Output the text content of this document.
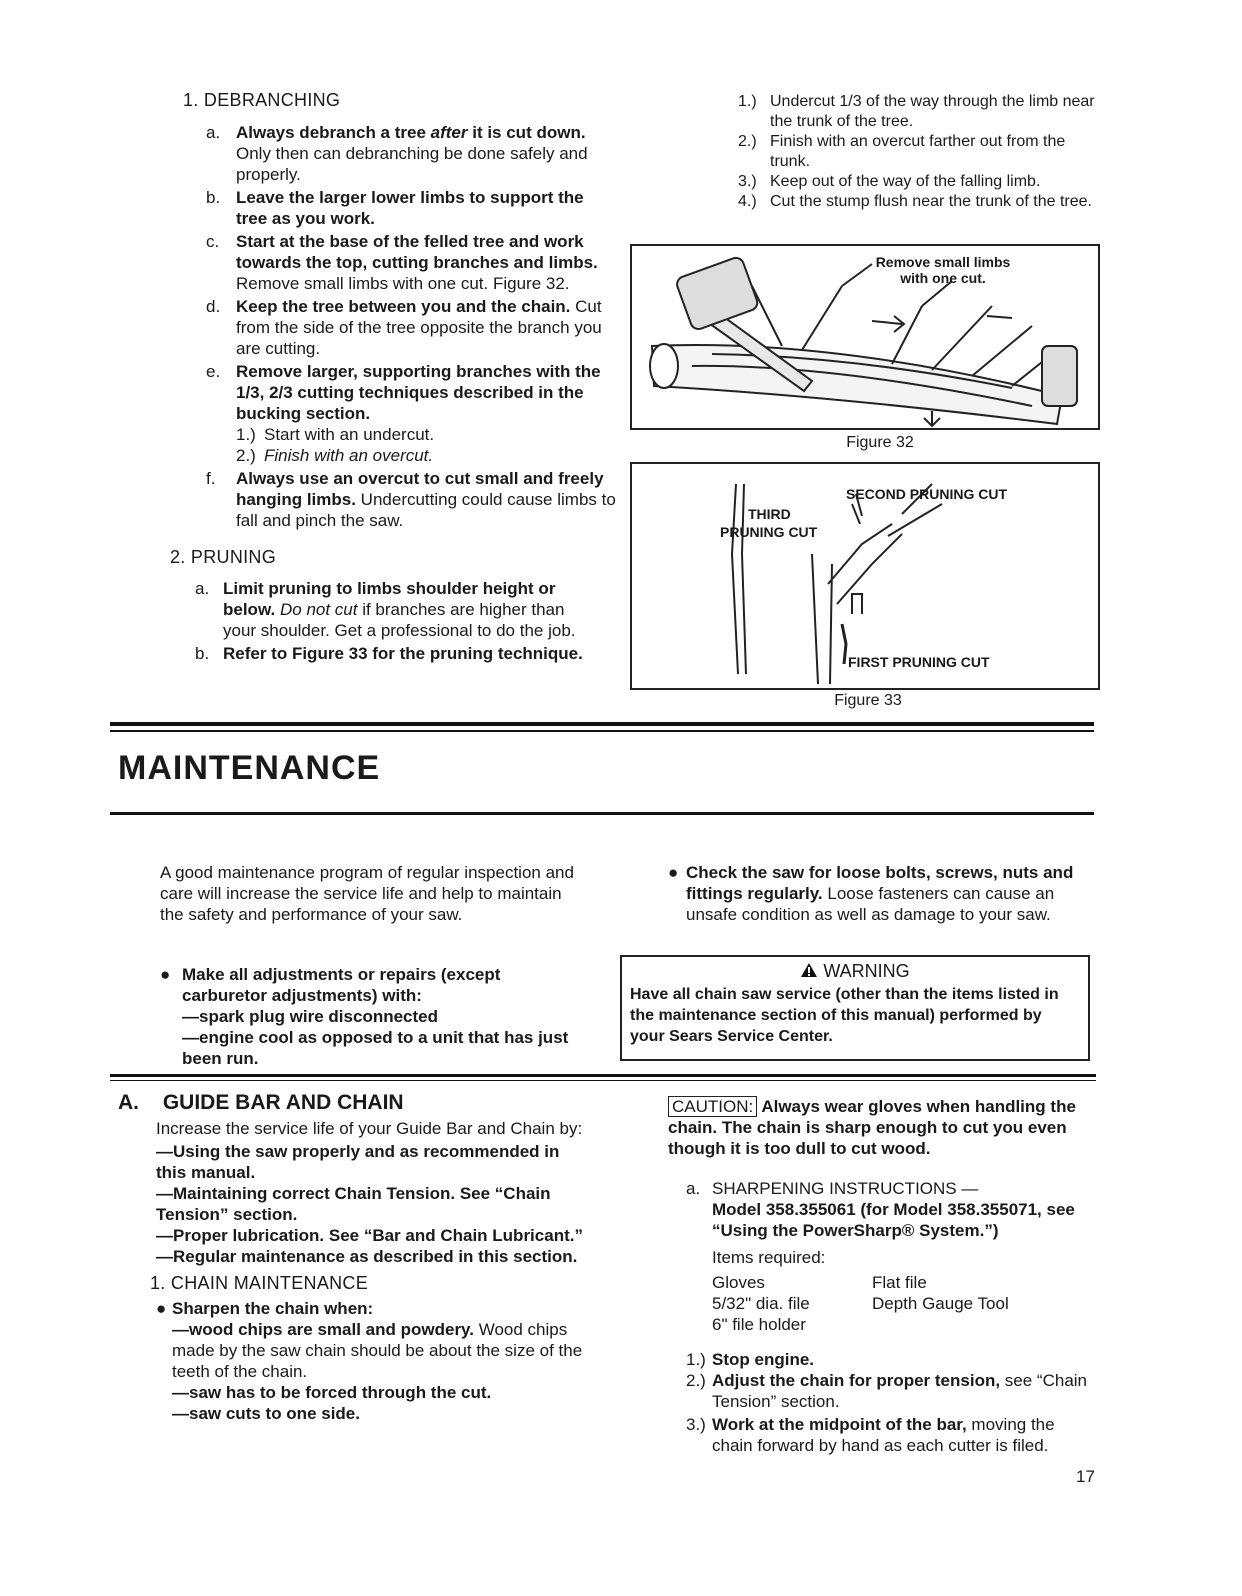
1. DEBRANCHING
a. Always debranch a tree after it is cut down.
Only then can debranching be done safely and properly.
b. Leave the larger lower limbs to support the tree as you work.
c. Start at the base of the felled tree and work towards the top, cutting branches and limbs. Remove small limbs with one cut. Figure 32.
d. Keep the tree between you and the chain. Cut from the side of the tree opposite the branch you are cutting.
e. Remove larger, supporting branches with the 1/3, 2/3 cutting techniques described in the bucking section.
1.) Start with an undercut.
2.) Finish with an overcut.
f. Always use an overcut to cut small and freely hanging limbs. Undercutting could cause limbs to fall and pinch the saw.
2. PRUNING
a. Limit pruning to limbs shoulder height or below. Do not cut if branches are higher than your shoulder. Get a professional to do the job.
b. Refer to Figure 33 for the pruning technique.
1.) Undercut 1/3 of the way through the limb near the trunk of the tree.
2.) Finish with an overcut farther out from the trunk.
3.) Keep out of the way of the falling limb.
4.) Cut the stump flush near the trunk of the tree.
Remove small limbs with one cut.
Figure 32
SECOND PRUNING CUT
THIRD
PRUNING CUT
FIRST PRUNING CUT
Figure 33
MAINTENANCE
A good maintenance program of regular inspection and care will increase the service life and help to maintain the safety and performance of your saw.
● Make all adjustments or repairs (except carburetor adjustments) with:
—spark plug wire disconnected
—engine cool as opposed to a unit that has just been run.
● Check the saw for loose bolts, screws, nuts and fittings regularly. Loose fasteners can cause an unsafe condition as well as damage to your saw.
WARNING
Have all chain saw service (other than the items listed in the maintenance section of this manual) performed by your Sears Service Center.
A. GUIDE BAR AND CHAIN
Increase the service life of your Guide Bar and Chain by:
—Using the saw properly and as recommended in this manual.
—Maintaining correct Chain Tension. See “Chain Tension” section.
—Proper lubrication. See “Bar and Chain Lubricant.”
—Regular maintenance as described in this section.
1. CHAIN MAINTENANCE
● Sharpen the chain when:
—wood chips are small and powdery. Wood chips made by the saw chain should be about the size of the teeth of the chain.
—saw has to be forced through the cut.
—saw cuts to one side.
CAUTION: Always wear gloves when handling the chain. The chain is sharp enough to cut you even though it is too dull to cut wood.
a. SHARPENING INSTRUCTIONS —
Model 358.355061 (for Model 358.355071, see “Using the PowerSharp® System.”)
Items required:
Gloves	Flat file
5/32" dia. file	Depth Gauge Tool
6" file holder	
1.) Stop engine.
2.) Adjust the chain for proper tension, see “Chain Tension” section.
3.) Work at the midpoint of the bar, moving the chain forward by hand as each cutter is filed.
17
